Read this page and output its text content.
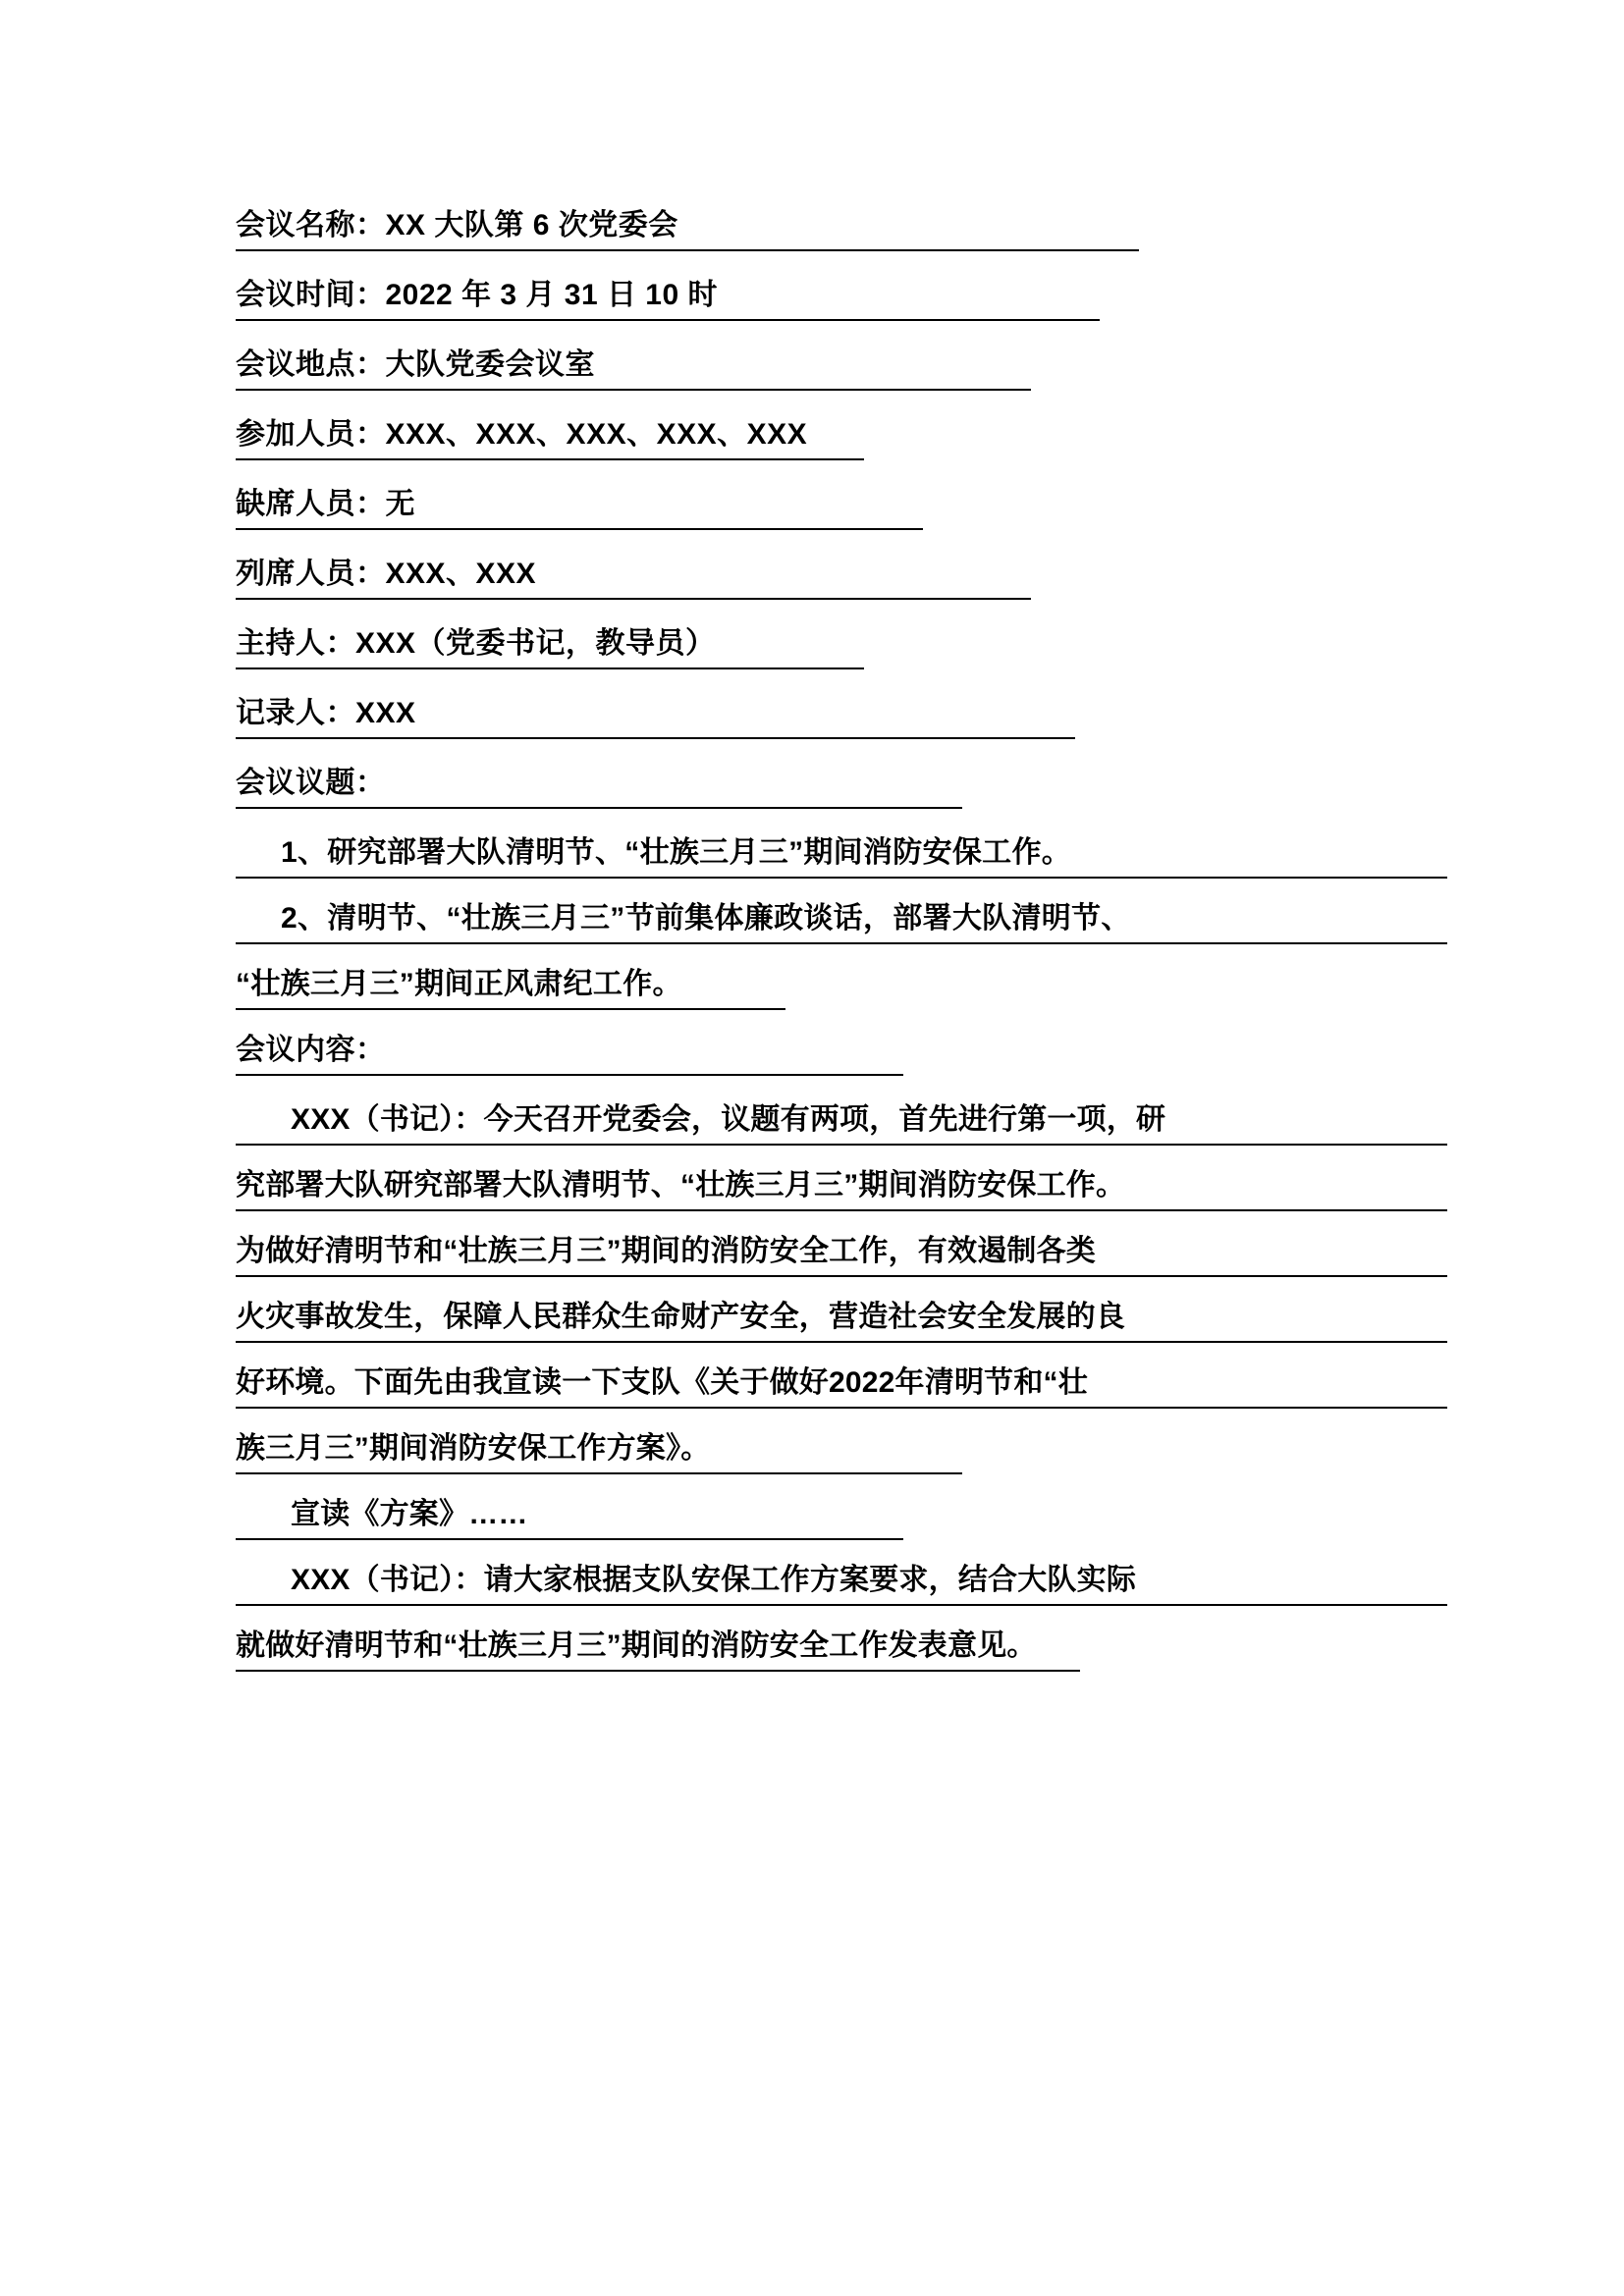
会议名称：XX 大队第 6 次党委会
会议时间：2022 年 3 月 31 日 10 时
会议地点：大队党委会议室
参加人员：XXX、XXX、XXX、XXX、XXX
缺席人员：无
列席人员：XXX、XXX
主持人：XXX（党委书记，教导员）
记录人：XXX
会议议题：
1、研究部署大队清明节、“壮族三月三”期间消防安保工作。
2、清明节、“壮族三月三”节前集体廉政谈话，部署大队清明节、
“壮族三月三”期间正风肃纪工作。
会议内容：
XXX（书记）：今天召开党委会，议题有两项，首先进行第一项，研
究部署大队研究部署大队清明节、“壮族三月三”期间消防安保工作。
为做好清明节和“壮族三月三”期间的消防安全工作，有效遏制各类
火灾事故发生，保障人民群众生命财产安全，营造社会安全发展的良
好环境。下面先由我宣读一下支队《关于做好2022年清明节和“壮
族三月三”期间消防安保工作方案》。
宣读《方案》……
XXX（书记）：请大家根据支队安保工作方案要求，结合大队实际
就做好清明节和“壮族三月三”期间的消防安全工作发表意见。
